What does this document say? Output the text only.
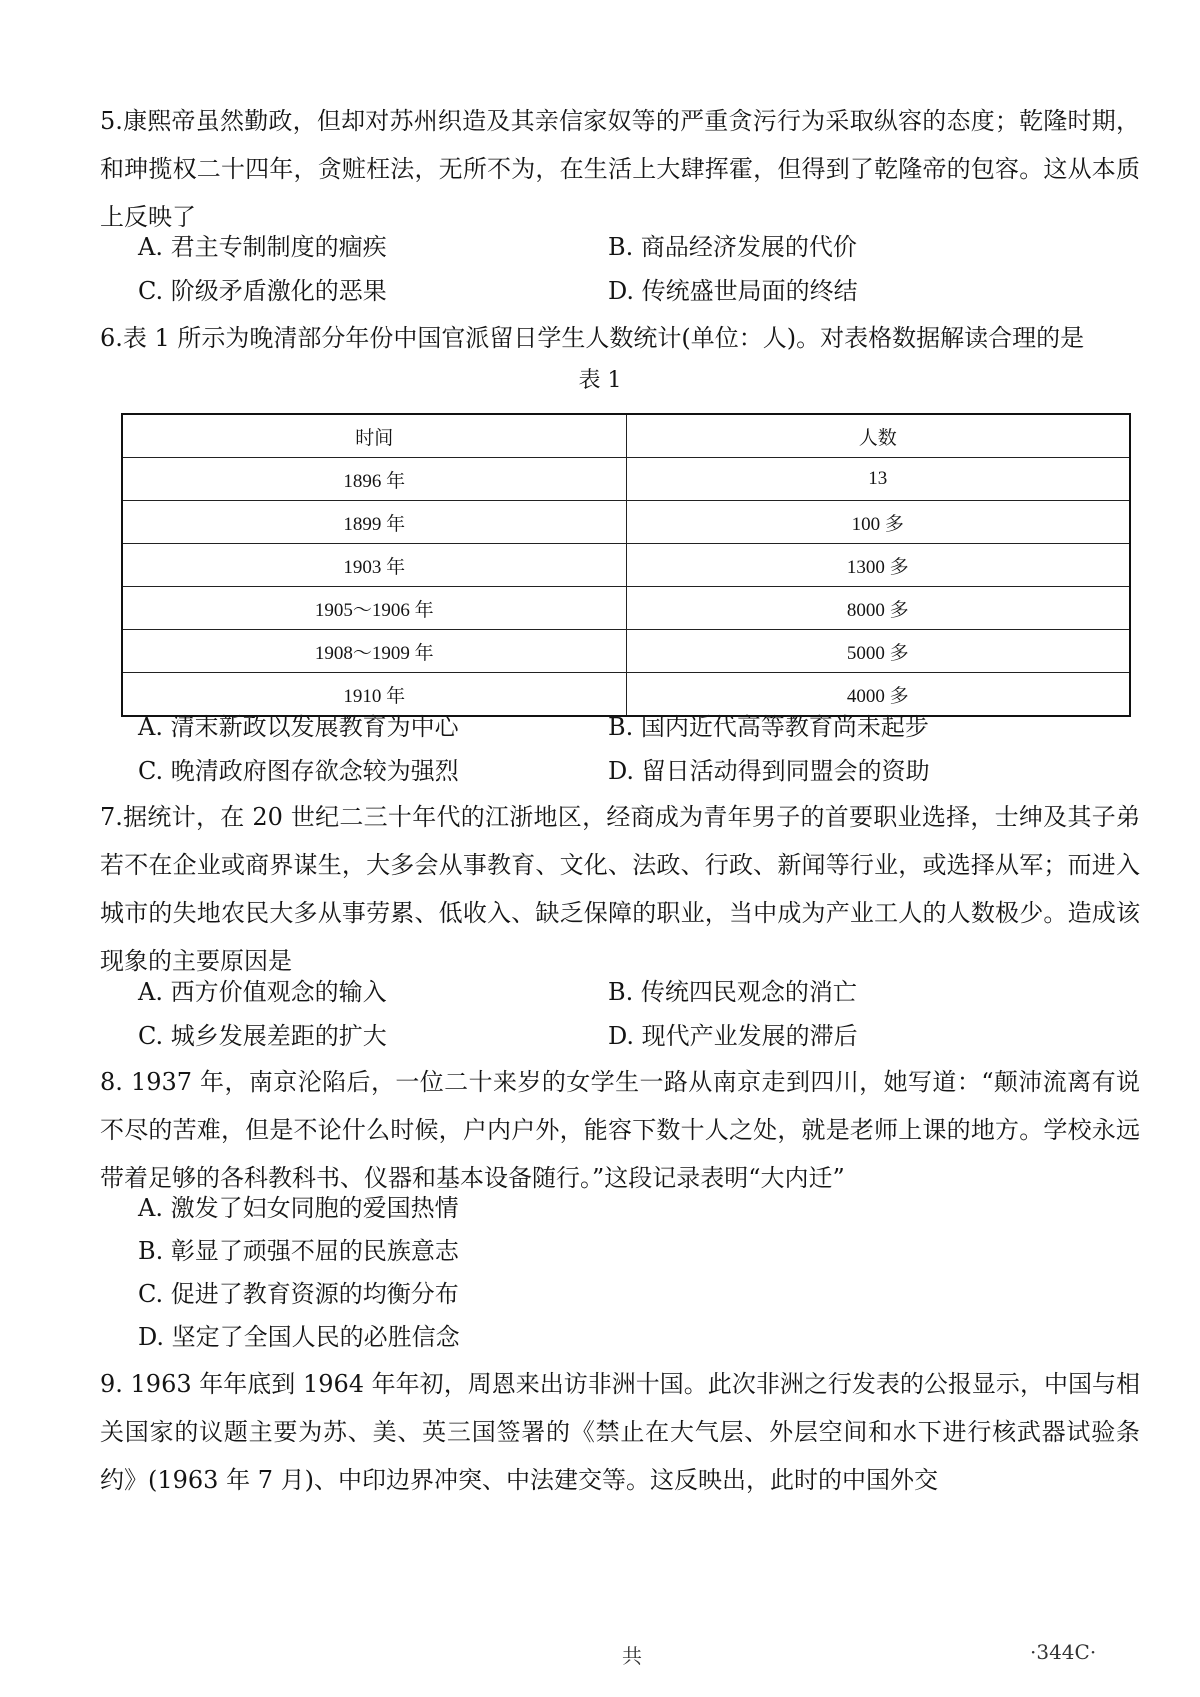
5.康熙帝虽然勤政，但却对苏州织造及其亲信家奴等的严重贪污行为采取纵容的态度；乾隆时期，和珅揽权二十四年，贪赃枉法，无所不为，在生活上大肆挥霍，但得到了乾隆帝的包容。这从本质上反映了
A. 君主专制制度的痼疾	B. 商品经济发展的代价
C. 阶级矛盾激化的恶果	D. 传统盛世局面的终结
6.表 1 所示为晚清部分年份中国官派留日学生人数统计(单位：人)。对表格数据解读合理的是
表 1
时间	人数
1896 年	13
1899 年	100 多
1903 年	1300 多
1905～1906 年	8000 多
1908～1909 年	5000 多
1910 年	4000 多
A. 清末新政以发展教育为中心	B. 国内近代高等教育尚未起步
C. 晚清政府图存欲念较为强烈	D. 留日活动得到同盟会的资助
7.据统计，在 20 世纪二三十年代的江浙地区，经商成为青年男子的首要职业选择，士绅及其子弟若不在企业或商界谋生，大多会从事教育、文化、法政、行政、新闻等行业，或选择从军；而进入城市的失地农民大多从事劳累、低收入、缺乏保障的职业，当中成为产业工人的人数极少。造成该现象的主要原因是
A. 西方价值观念的输入	B. 传统四民观念的消亡
C. 城乡发展差距的扩大	D. 现代产业发展的滞后
8. 1937 年，南京沦陷后，一位二十来岁的女学生一路从南京走到四川，她写道：“颠沛流离有说不尽的苦难，但是不论什么时候，户内户外，能容下数十人之处，就是老师上课的地方。学校永远带着足够的各科教科书、仪器和基本设备随行。”这段记录表明“大内迁”
A. 激发了妇女同胞的爱国热情
B. 彰显了顽强不屈的民族意志
C. 促进了教育资源的均衡分布
D. 坚定了全国人民的必胜信念
9. 1963 年年底到 1964 年年初，周恩来出访非洲十国。此次非洲之行发表的公报显示，中国与相关国家的议题主要为苏、美、英三国签署的《禁止在大气层、外层空间和水下进行核武器试验条约》(1963 年 7 月)、中印边界冲突、中法建交等。这反映出，此时的中国外交
共	·344C·
